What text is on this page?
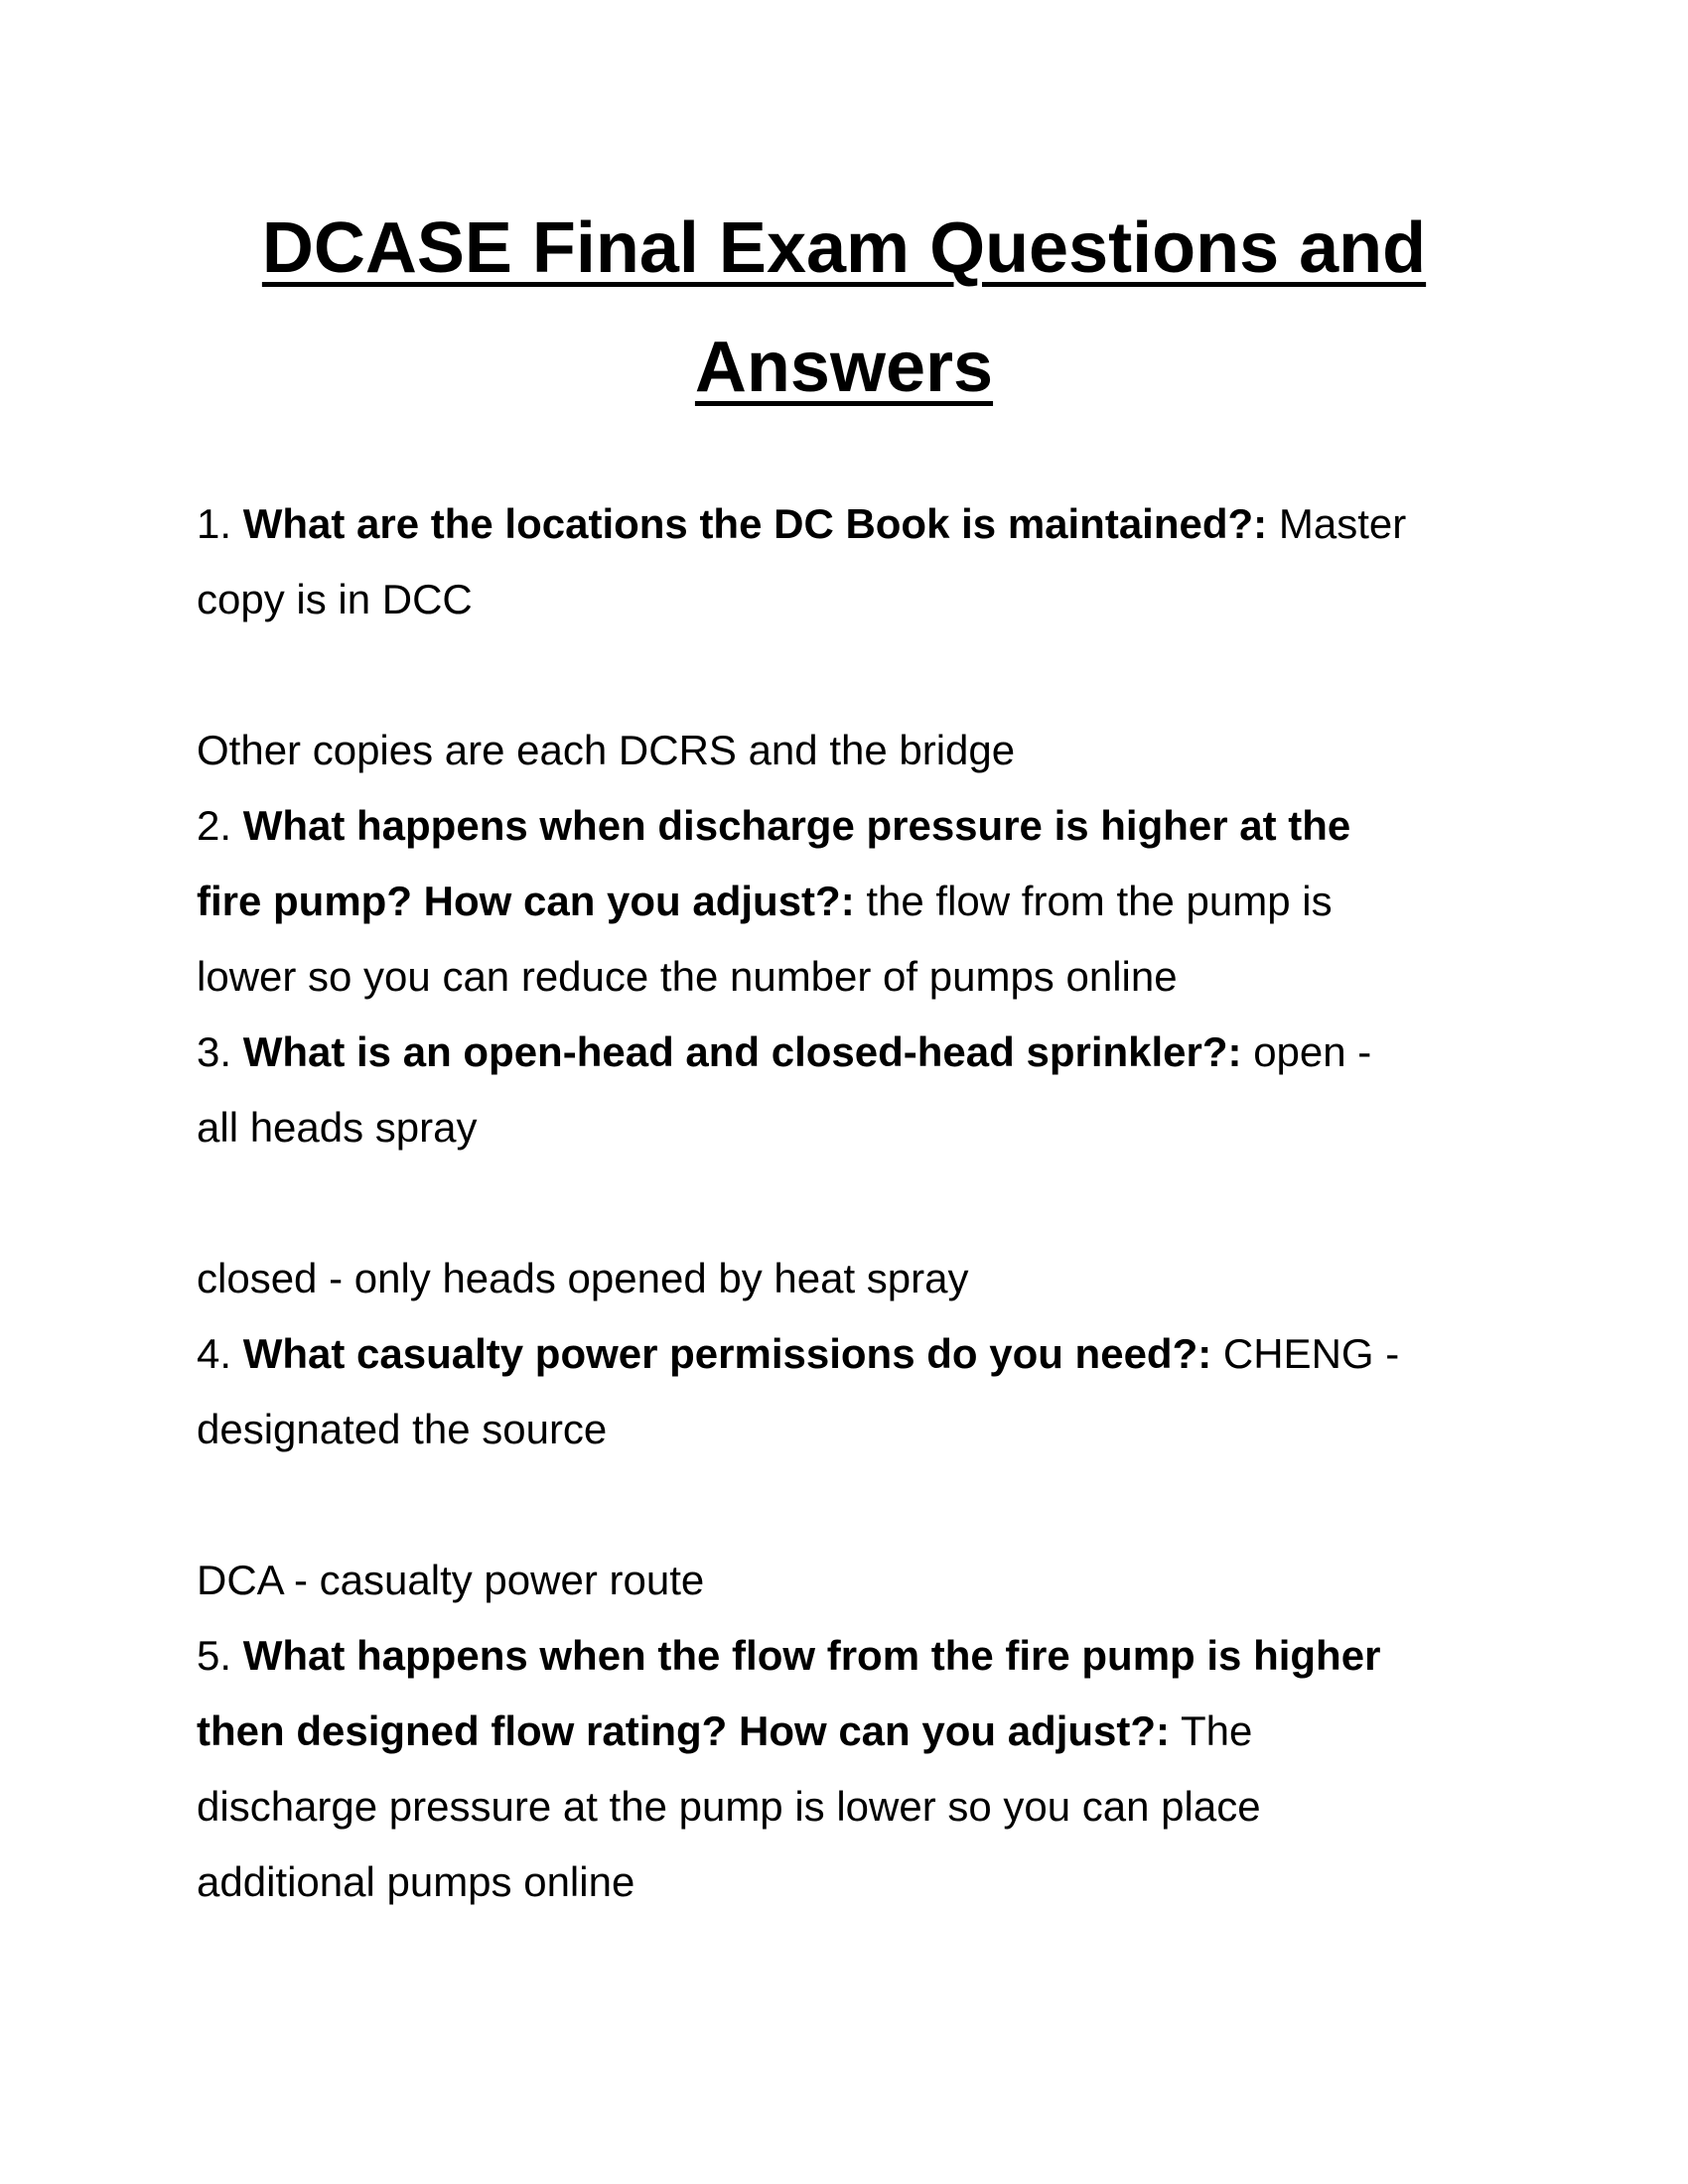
DCASE Final Exam Questions and
Answers
1. What are the locations the DC Book is maintained?: Master
copy is in DCC
Other copies are each DCRS and the bridge
2. What happens when discharge pressure is higher at the
fire pump? How can you adjust?: the flow from the pump is
lower so you can reduce the number of pumps online
3. What is an open-head and closed-head sprinkler?: open -
all heads spray
closed - only heads opened by heat spray
4. What casualty power permissions do you need?: CHENG -
designated the source
DCA - casualty power route
5. What happens when the flow from the fire pump is higher
then designed flow rating? How can you adjust?: The
discharge pressure at the pump is lower so you can place
additional pumps online
